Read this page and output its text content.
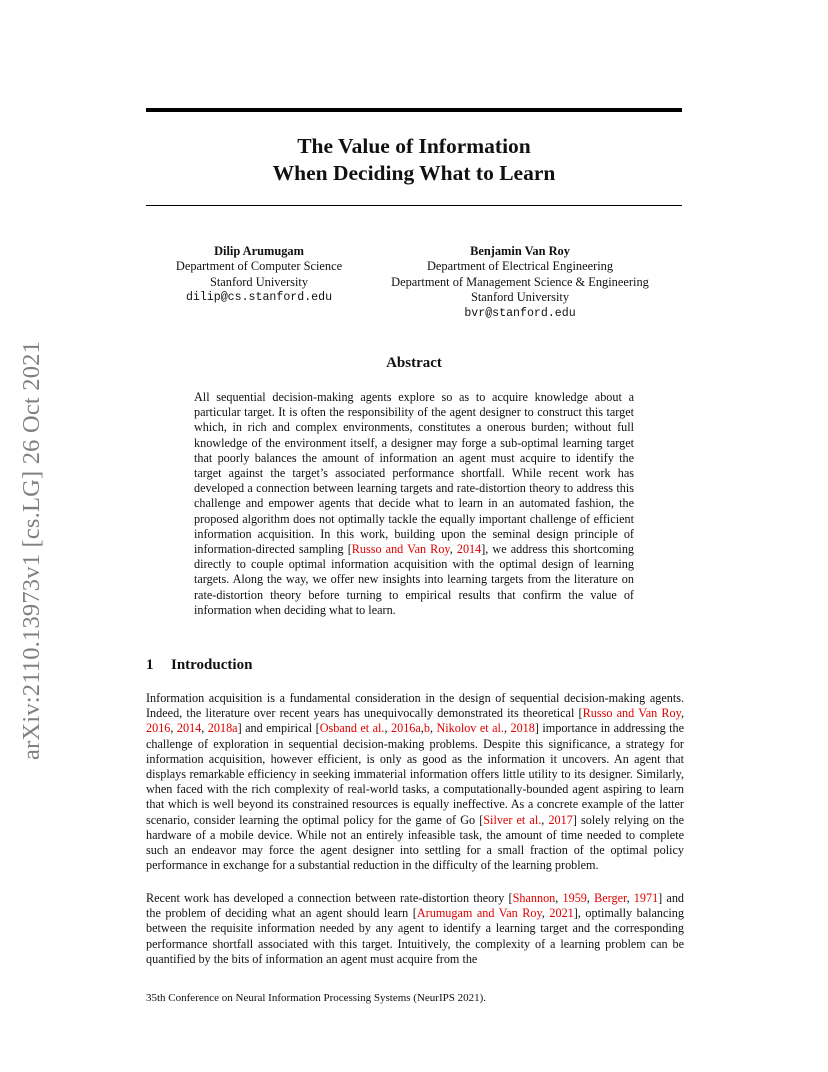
arXiv:2110.13973v1 [cs.LG] 26 Oct 2021
The Value of Information
When Deciding What to Learn
Dilip Arumugam
Department of Computer Science
Stanford University
dilip@cs.stanford.edu
Benjamin Van Roy
Department of Electrical Engineering
Department of Management Science & Engineering
Stanford University
bvr@stanford.edu
Abstract
All sequential decision-making agents explore so as to acquire knowledge about a particular target. It is often the responsibility of the agent designer to construct this target which, in rich and complex environments, constitutes a onerous burden; without full knowledge of the environment itself, a designer may forge a sub-optimal learning target that poorly balances the amount of information an agent must acquire to identify the target against the target’s associated performance shortfall. While recent work has developed a connection between learning targets and rate-distortion theory to address this challenge and empower agents that decide what to learn in an automated fashion, the proposed algorithm does not optimally tackle the equally important challenge of efficient information acquisition. In this work, building upon the seminal design principle of information-directed sampling [Russo and Van Roy, 2014], we address this shortcoming directly to couple optimal information acquisition with the optimal design of learning targets. Along the way, we offer new insights into learning targets from the literature on rate-distortion theory before turning to empirical results that confirm the value of information when deciding what to learn.
1 Introduction
Information acquisition is a fundamental consideration in the design of sequential decision-making agents. Indeed, the literature over recent years has unequivocally demonstrated its theoretical [Russo and Van Roy, 2016, 2014, 2018a] and empirical [Osband et al., 2016a,b, Nikolov et al., 2018] importance in addressing the challenge of exploration in sequential decision-making problems. Despite this significance, a strategy for information acquisition, however efficient, is only as good as the information it uncovers. An agent that displays remarkable efficiency in seeking immaterial information offers little utility to its designer. Similarly, when faced with the rich complexity of real-world tasks, a computationally-bounded agent aspiring to learn that which is well beyond its constrained resources is equally ineffective. As a concrete example of the latter scenario, consider learning the optimal policy for the game of Go [Silver et al., 2017] solely relying on the hardware of a mobile device. While not an entirely infeasible task, the amount of time needed to complete such an endeavor may force the agent designer into settling for a small fraction of the optimal policy performance in exchange for a substantial reduction in the difficulty of the learning problem.
Recent work has developed a connection between rate-distortion theory [Shannon, 1959, Berger, 1971] and the problem of deciding what an agent should learn [Arumugam and Van Roy, 2021], optimally balancing between the requisite information needed by any agent to identify a learning target and the corresponding performance shortfall associated with this target. Intuitively, the complexity of a learning problem can be quantified by the bits of information an agent must acquire from the
35th Conference on Neural Information Processing Systems (NeurIPS 2021).
